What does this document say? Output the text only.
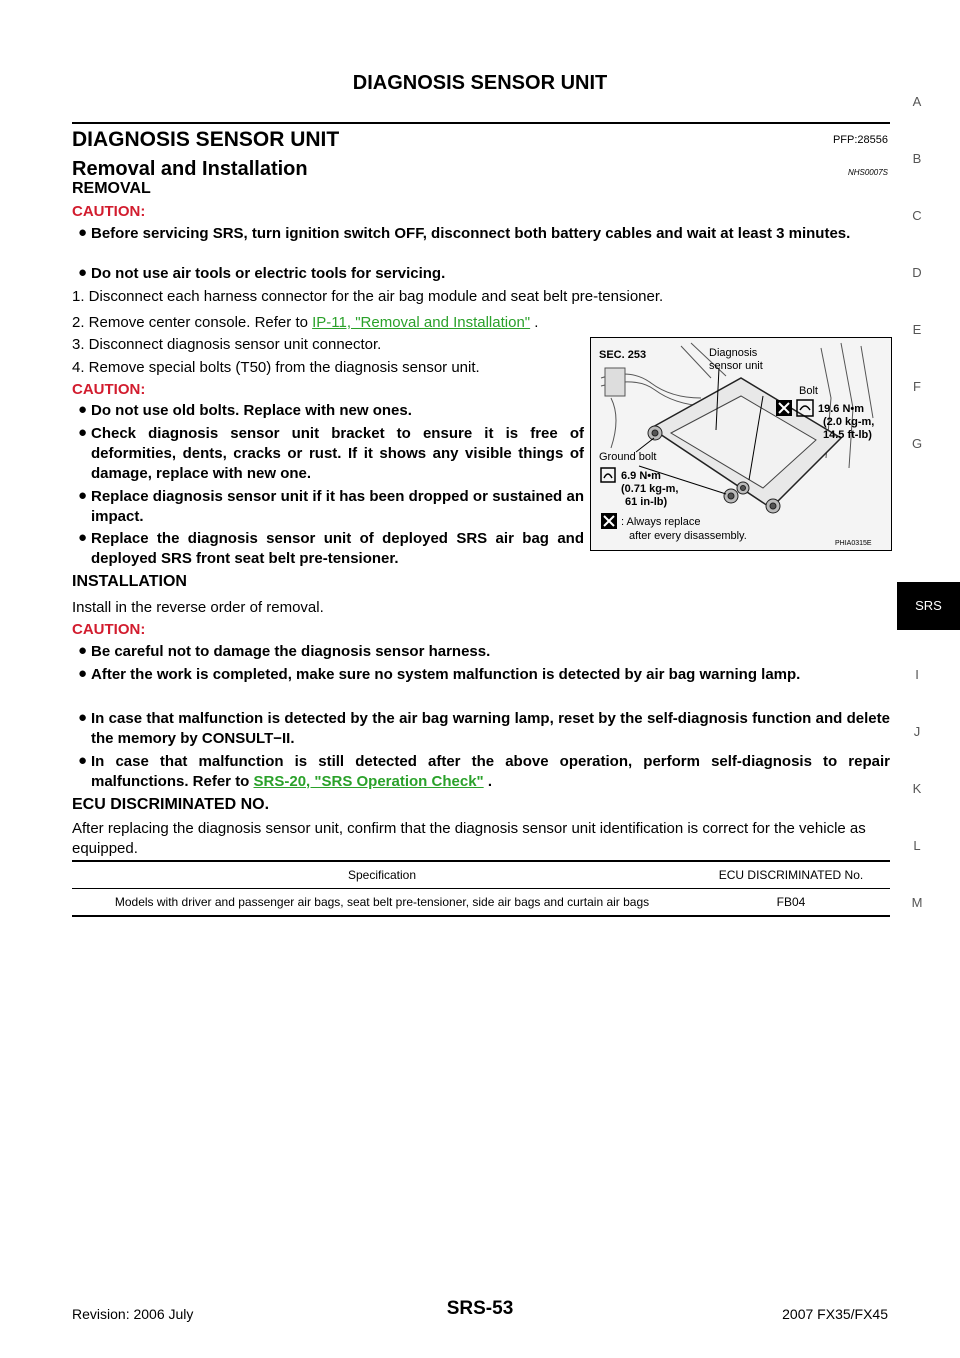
DIAGNOSIS SENSOR UNIT
DIAGNOSIS SENSOR UNIT	PFP:28556
Removal and Installation	NHS0007S
REMOVAL
CAUTION:
● Before servicing SRS, turn ignition switch OFF, disconnect both battery cables and wait at least 3 minutes.
● Do not use air tools or electric tools for servicing.
1. Disconnect each harness connector for the air bag module and seat belt pre-tensioner.
2. Remove center console. Refer to IP-11, "Removal and Installation" .
3. Disconnect diagnosis sensor unit connector.
4. Remove special bolts (T50) from the diagnosis sensor unit.
CAUTION:
● Do not use old bolts. Replace with new ones.
● Check diagnosis sensor unit bracket to ensure it is free of deformities, dents, cracks or rust. If it shows any visible things of damage, replace with new one.
● Replace diagnosis sensor unit if it has been dropped or sustained an impact.
● Replace the diagnosis sensor unit of deployed SRS air bag and deployed SRS front seat belt pre-tensioner.
SEC. 253	Diagnosis
sensor unit
Bolt
19.6 N•m
(2.0 kg-m,
14.5 ft-lb)
Ground bolt
6.9 N•m
(0.71 kg-m,
61 in-lb)
: Always replace
after every disassembly.
PHIA0315E
INSTALLATION
Install in the reverse order of removal.
CAUTION:
● Be careful not to damage the diagnosis sensor harness.
● After the work is completed, make sure no system malfunction is detected by air bag warning lamp.
● In case that malfunction is detected by the air bag warning lamp, reset by the self-diagnosis function and delete the memory by CONSULT−II.
● In case that malfunction is still detected after the above operation, perform self-diagnosis to repair malfunctions. Refer to SRS-20, "SRS Operation Check" .
ECU DISCRIMINATED NO.
After replacing the diagnosis sensor unit, confirm that the diagnosis sensor unit identification is correct for the vehicle as equipped.
Specification	ECU DISCRIMINATED No.
Models with driver and passenger air bags, seat belt pre-tensioner, side air bags and curtain air bags	FB04
A
B
C
D
E
F
G
SRS
I
J
K
L
M
Revision: 2006 July	SRS-53	2007 FX35/FX45
